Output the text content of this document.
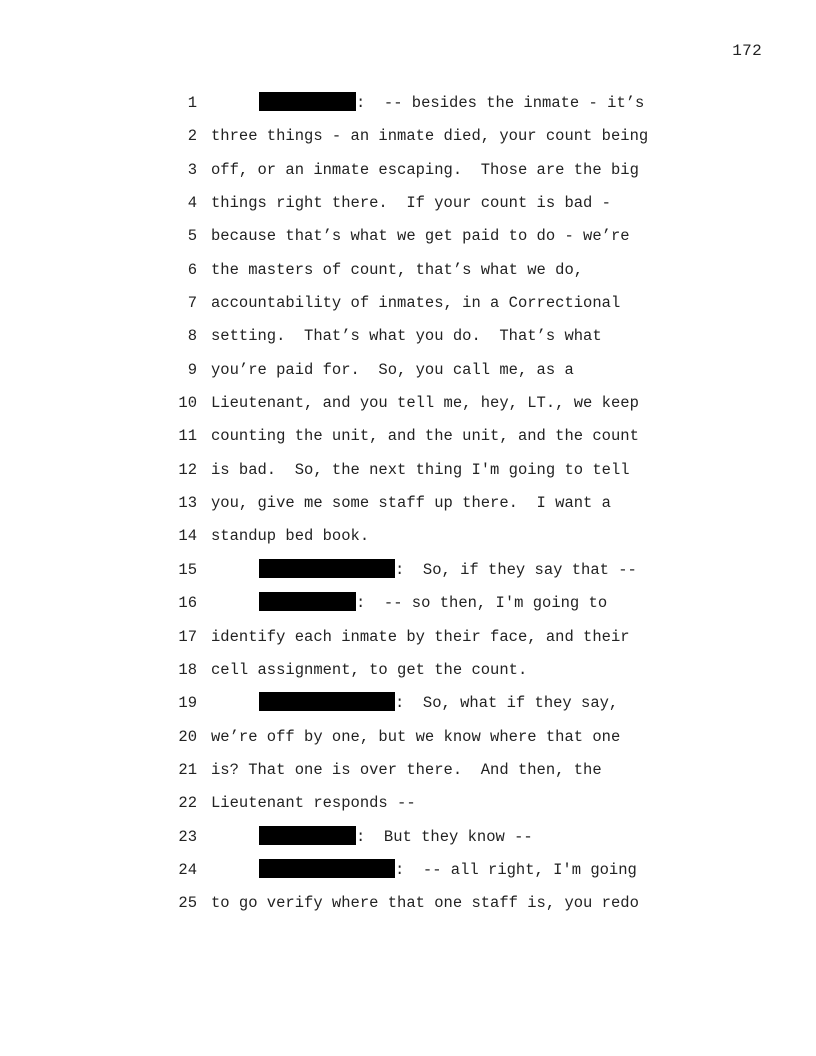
172
1	:  -- besides the inmate - it’s
2 three things - an inmate died, your count being
3 off, or an inmate escaping.  Those are the big
4 things right there.  If your count is bad -
5 because that’s what we get paid to do - we’re
6 the masters of count, that’s what we do,
7 accountability of inmates, in a Correctional
8 setting.  That’s what you do.  That’s what
9 you’re paid for.  So, you call me, as a
10 Lieutenant, and you tell me, hey, LT., we keep
11 counting the unit, and the unit, and the count
12 is bad.  So, the next thing I'm going to tell
13 you, give me some staff up there.  I want a
14 standup bed book.
15	:  So, if they say that --
16	:  -- so then, I'm going to
17 identify each inmate by their face, and their
18 cell assignment, to get the count.
19	:  So, what if they say,
20 we’re off by one, but we know where that one
21 is? That one is over there.  And then, the
22 Lieutenant responds --
23	:  But they know --
24	:  -- all right, I'm going
25 to go verify where that one staff is, you redo
